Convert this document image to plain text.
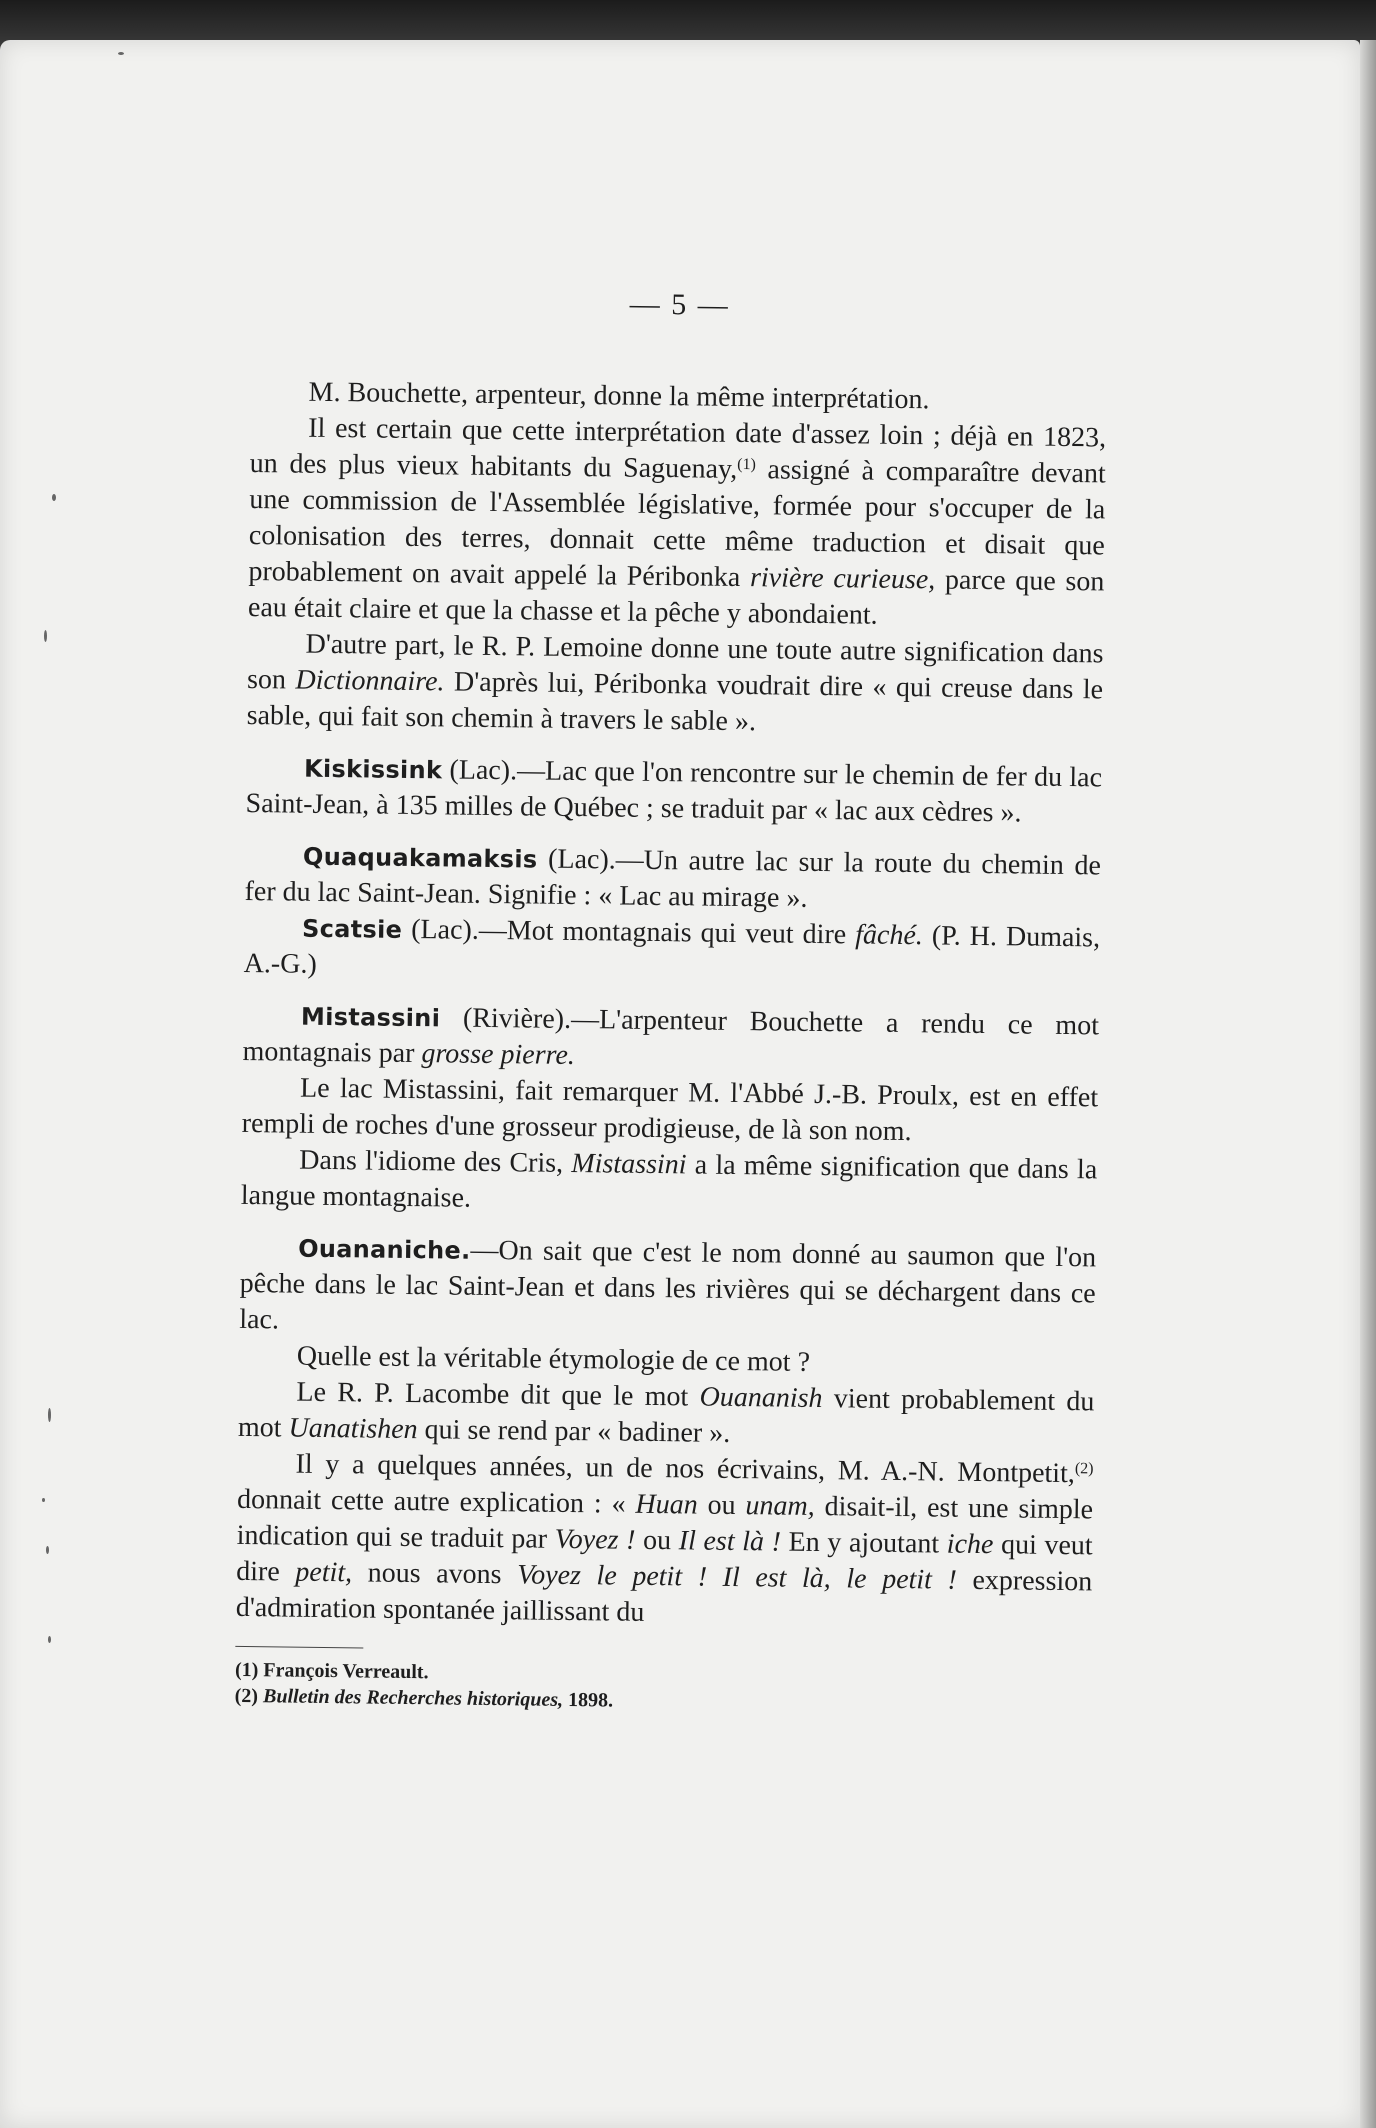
— 5 —

M. Bouchette, arpenteur, donne la même interprétation.

Il est certain que cette interprétation date d'assez loin ; déjà en 1823, un des plus vieux habitants du Saguenay,$^{(1)}$ assigné à comparaître devant une commission de l'Assemblée législative, formée pour s'occuper de la colonisation des terres, donnait cette même traduction et disait que probablement on avait appelé la Péribonka rivière curieuse, parce que son eau était claire et que la chasse et la pêche y abondaient.

D'autre part, le R. P. Lemoine donne une toute autre signification dans son Dictionnaire. D'après lui, Péribonka voudrait dire « qui creuse dans le sable, qui fait son chemin à travers le sable ».

Kiskissink (Lac).—Lac que l'on rencontre sur le chemin de fer du lac Saint-Jean, à 135 milles de Québec ; se traduit par « lac aux cèdres ».

Quaquakamaksis (Lac).—Un autre lac sur la route du chemin de fer du lac Saint-Jean. Signifie : « Lac au mirage ».

Scatsie (Lac).—Mot montagnais qui veut dire fâché. (P. H. Dumais, A.-G.)

Mistassini (Rivière).—L'arpenteur Bouchette a rendu ce mot montagnais par grosse pierre.

Le lac Mistassini, fait remarquer M. l'Abbé J.-B. Proulx, est en effet rempli de roches d'une grosseur prodigieuse, de là son nom.

Dans l'idiome des Cris, Mistassini a la même signification que dans la langue montagnaise.

Ouananiche.—On sait que c'est le nom donné au saumon que l'on pêche dans le lac Saint-Jean et dans les rivières qui se déchargent dans ce lac.

Quelle est la véritable étymologie de ce mot ?

Le R. P. Lacombe dit que le mot Ouananish vient probablement du mot Uanatishen qui se rend par « badiner ».

Il y a quelques années, un de nos écrivains, M. A.-N. Montpetit,$^{(2)}$ donnait cette autre explication : « Huan ou unam, disait-il, est une simple indication qui se traduit par Voyez ! ou Il est là ! En y ajoutant iche qui veut dire petit, nous avons Voyez le petit ! Il est là, le petit ! expression d'admiration spontanée jaillissant du

(1) François Verreault.
(2) Bulletin des Recherches historiques, 1898.
